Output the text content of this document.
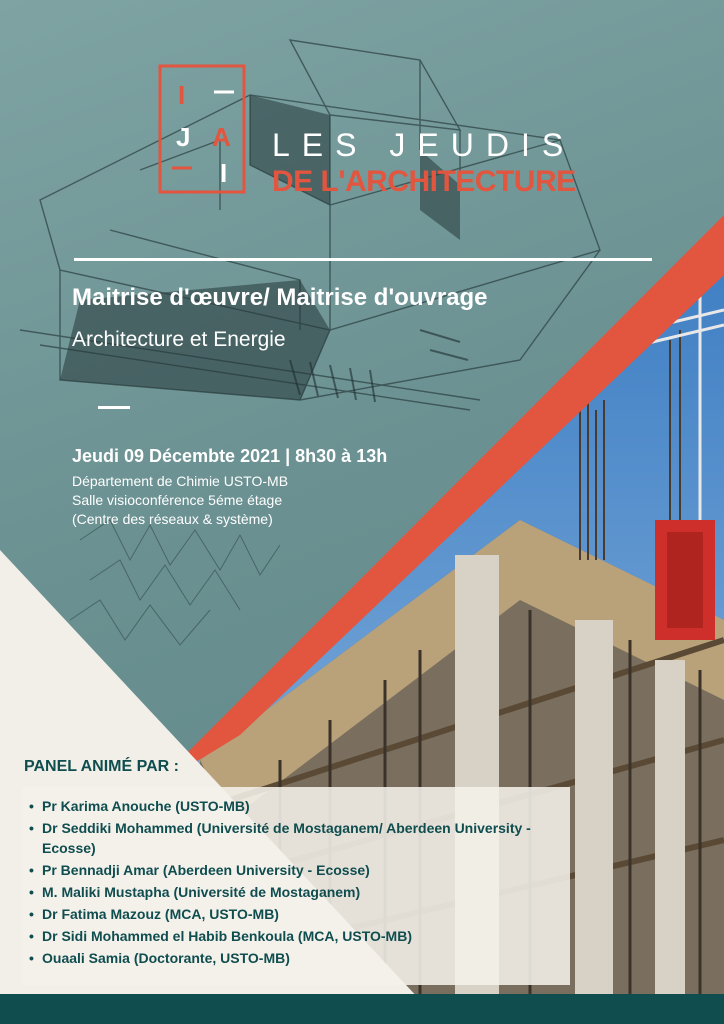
I
J A
I
LES JEUDIS
DE L'ARCHITECTURE
Maitrise d'œuvre/ Maitrise d'ouvrage
Architecture et Energie
Jeudi 09 Décembte 2021 | 8h30 à 13h
Département de Chimie USTO-MB
Salle visioconférence 5éme étage
(Centre des réseaux & système)
PANEL ANIMÉ PAR :
• Pr Karima Anouche (USTO-MB)
• Dr Seddiki Mohammed (Université de Mostaganem/ Aberdeen University - Ecosse)
• Pr Bennadji Amar (Aberdeen University - Ecosse)
• M. Maliki Mustapha (Université de Mostaganem)
• Dr Fatima Mazouz (MCA, USTO-MB)
• Dr Sidi Mohammed el Habib Benkoula (MCA, USTO-MB)
• Ouaali Samia (Doctorante, USTO-MB)
